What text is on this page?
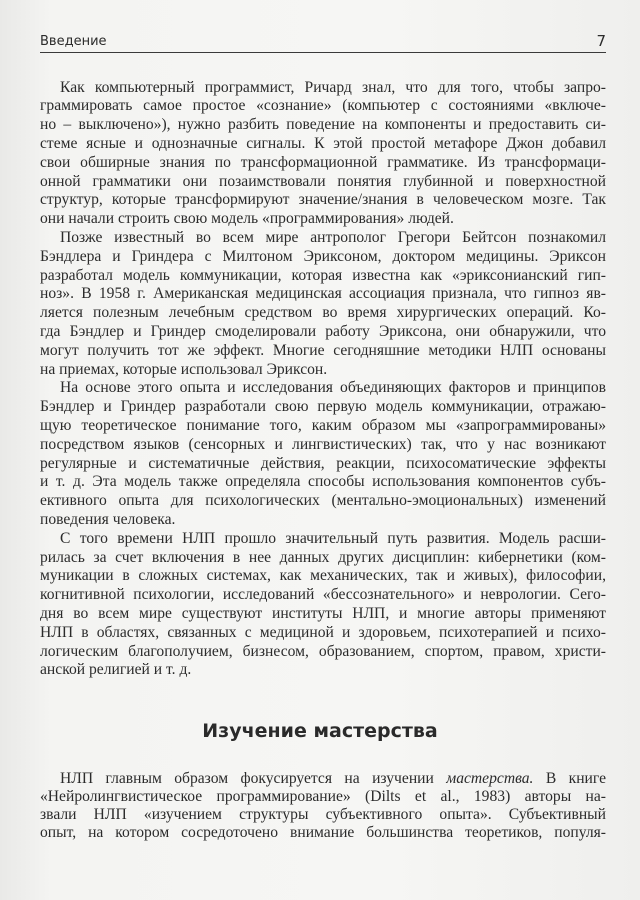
Введение	7
Как компьютерный программист, Ричард знал, что для того, чтобы запро-
граммировать самое простое «сознание» (компьютер с состояниями «включе-
но – выключено»), нужно разбить поведение на компоненты и предоставить си-
стеме ясные и однозначные сигналы. К этой простой метафоре Джон добавил
свои обширные знания по трансформационной грамматике. Из трансформаци-
онной грамматики они позаимствовали понятия глубинной и поверхностной
структур, которые трансформируют значение/знания в человеческом мозге. Так
они начали строить свою модель «программирования» людей.
Позже известный во всем мире антрополог Грегори Бейтсон познакомил
Бэндлера и Гриндера с Милтоном Эриксоном, доктором медицины. Эриксон
разработал модель коммуникации, которая известна как «эриксонианский гип-
ноз». В 1958 г. Американская медицинская ассоциация признала, что гипноз яв-
ляется полезным лечебным средством во время хирургических операций. Ко-
гда Бэндлер и Гриндер смоделировали работу Эриксона, они обнаружили, что
могут получить тот же эффект. Многие сегодняшние методики НЛП основаны
на приемах, которые использовал Эриксон.
На основе этого опыта и исследования объединяющих факторов и принципов
Бэндлер и Гриндер разработали свою первую модель коммуникации, отражаю-
щую теоретическое понимание того, каким образом мы «запрограммированы»
посредством языков (сенсорных и лингвистических) так, что у нас возникают
регулярные и систематичные действия, реакции, психосоматические эффекты
и т. д. Эта модель также определяла способы использования компонентов субъ-
ективного опыта для психологических (ментально-эмоциональных) изменений
поведения человека.
С того времени НЛП прошло значительный путь развития. Модель расши-
рилась за счет включения в нее данных других дисциплин: кибернетики (ком-
муникации в сложных системах, как механических, так и живых), философии,
когнитивной психологии, исследований «бессознательного» и неврологии. Сего-
дня во всем мире существуют институты НЛП, и многие авторы применяют
НЛП в областях, связанных с медициной и здоровьем, психотерапией и психо-
логическим благополучием, бизнесом, образованием, спортом, правом, христи-
анской религией и т. д.
Изучение мастерства
НЛП главным образом фокусируется на изучении мастерства. В книге
«Нейролингвистическое программирование» (Dilts et al., 1983) авторы на-
звали НЛП «изучением структуры субъективного опыта». Субъективный
опыт, на котором сосредоточено внимание большинства теоретиков, популя-
